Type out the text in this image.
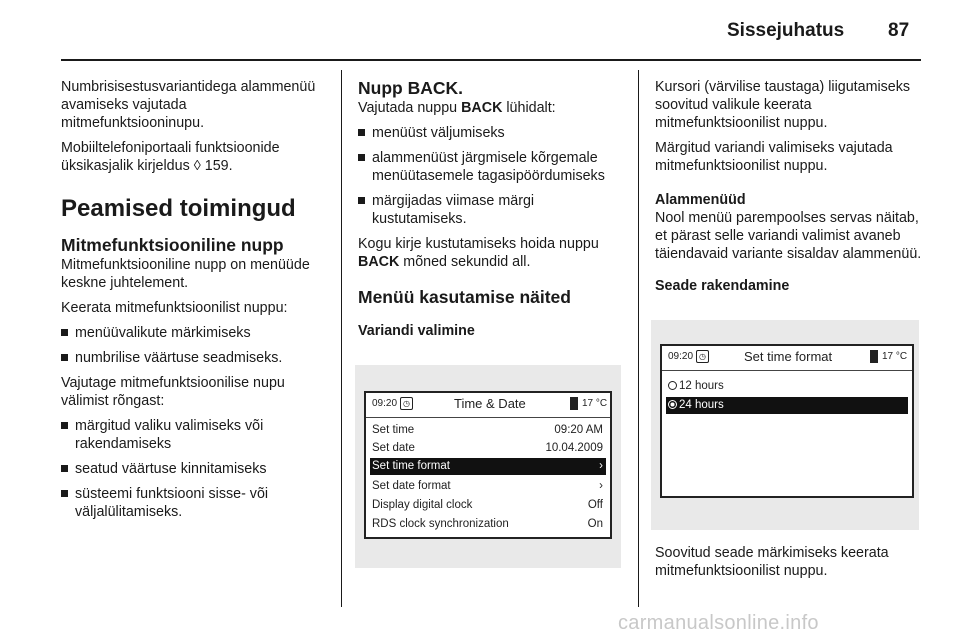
Sissejuhatus 87

Numbrisisestusvariantidega alammenüü avamiseks vajutada mitmefunktsiooninupu.

Mobiiltelefoniportaali funktsioonide üksikasjalik kirjeldus ◊ 159.

Peamised toimingud
Mitmefunktsiooniline nupp

Mitmefunktsiooniline nupp on menüüde keskne juhtelement.

Keerata mitmefunktsioonilist nuppu:

menüüvalikute märkimiseks
numbrilise väärtuse seadmiseks.

Vajutage mitmefunktsioonilise nupu välimist rõngast:

märgitud valiku valimiseks või rakendamiseks
seatud väärtuse kinnitamiseks
süsteemi funktsiooni sisse- või väljalülitamiseks.
Nupp BACK.

Vajutada nuppu BACK lühidalt:

menüüst väljumiseks
alammenüüst järgmisele kõrgemale menüütasemele tagasipöördumiseks
märgijadas viimase märgi kustutamiseks.

Kogu kirje kustutamiseks hoida nuppu BACK mõned sekundid all.

Menüü kasutamise näited
Variandi valimine
09:20 ◷	Time & Date	17 °C
Set time	09:20 AM
Set date	10.04.2009
Set time format	›
Set date format	›
Display digital clock	Off
RDS clock synchronization	On

Kursori (värvilise taustaga) liigutamiseks soovitud valikule keerata mitmefunktsioonilist nuppu.

Märgitud variandi valimiseks vajutada mitmefunktsioonilist nuppu.

Alammenüüd

Nool menüü parempoolses servas näitab, et pärast selle variandi valimist avaneb täiendavaid variante sisaldav alammenüü.

Seade rakendamine
09:20 ◷	Set time format	17 °C
12 hours
24 hours

Soovitud seade märkimiseks keerata mitmefunktsioonilist nuppu.

carmanualsonline.info
